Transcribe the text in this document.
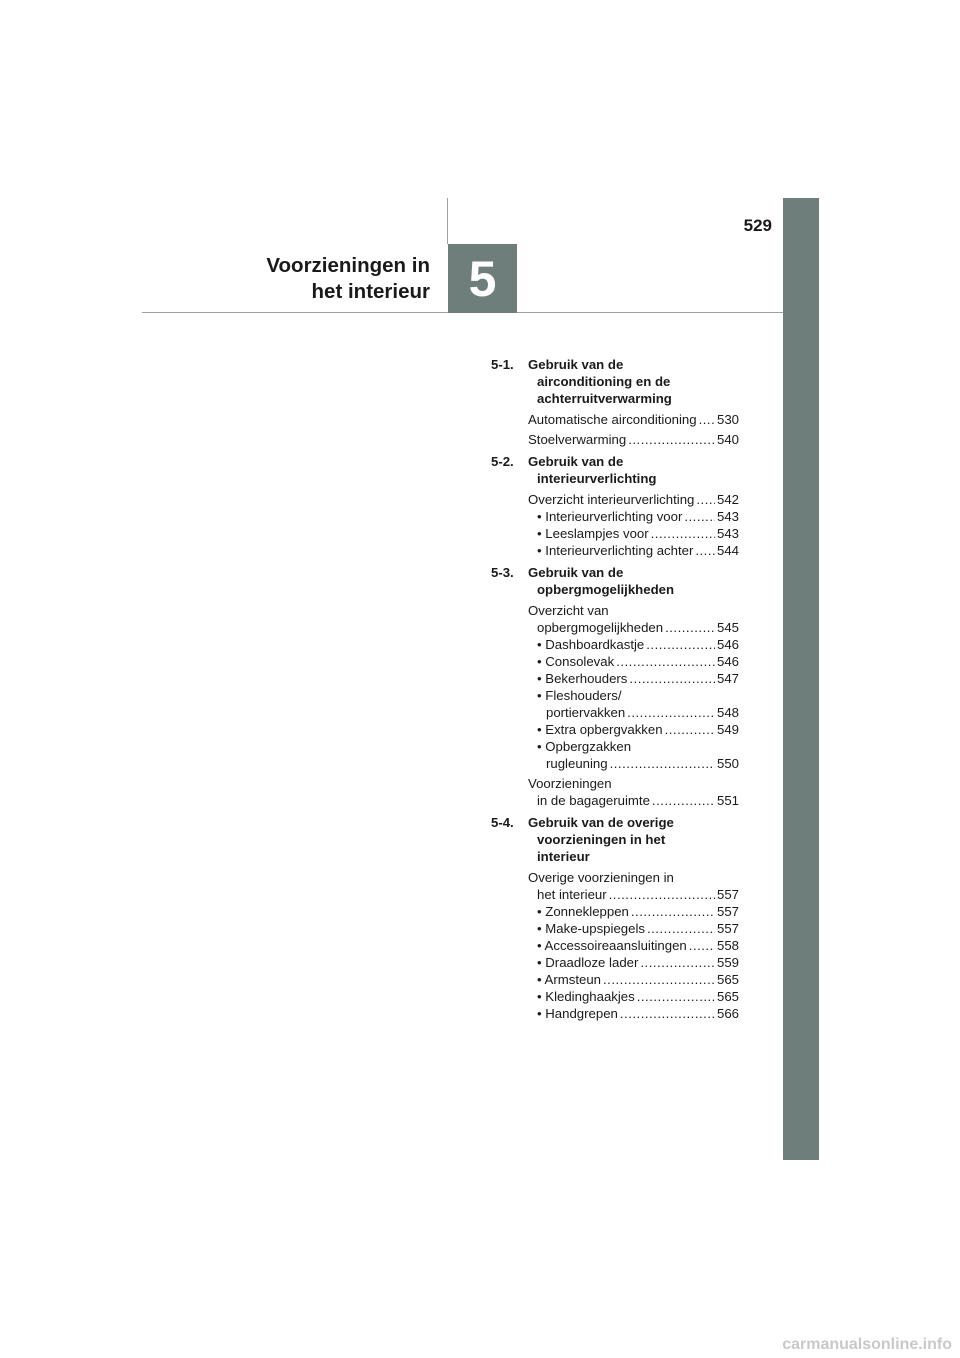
529
Voorzieningen in
het interieur 5
5-1.	Gebruik van de
airconditioning en de
achterruitverwarming
Automatische airconditioning ..... 530
Stoelverwarming .....	540
5-2.	Gebruik van de
interieurverlichting
Overzicht interieurverlichting ..... 542
• Interieurverlichting voor .....	543
• Leeslampjes voor .....	543
• Interieurverlichting achter ..... 544
5-3.	Gebruik van de
opbergmogelijkheden
Overzicht van
opbergmogelijkheden .....	545
• Dashboardkastje .....	546
• Consolevak .....	546
• Bekerhouders .....	547
• Fleshouders/
portiervakken .....	548
• Extra opbergvakken .....	549
• Opbergzakken
rugleuning .....	550
Voorzieningen
in de bagageruimte .....	551
5-4.	Gebruik van de overige
voorzieningen in het
interieur
Overige voorzieningen in
het interieur .....	557
• Zonnekleppen .....	557
• Make-upspiegels .....	557
• Accessoireaansluitingen ..... 558
• Draadloze lader .....	559
• Armsteun .....	565
• Kledinghaakjes .....	565
• Handgrepen .....	566
carmanualsonline.info
